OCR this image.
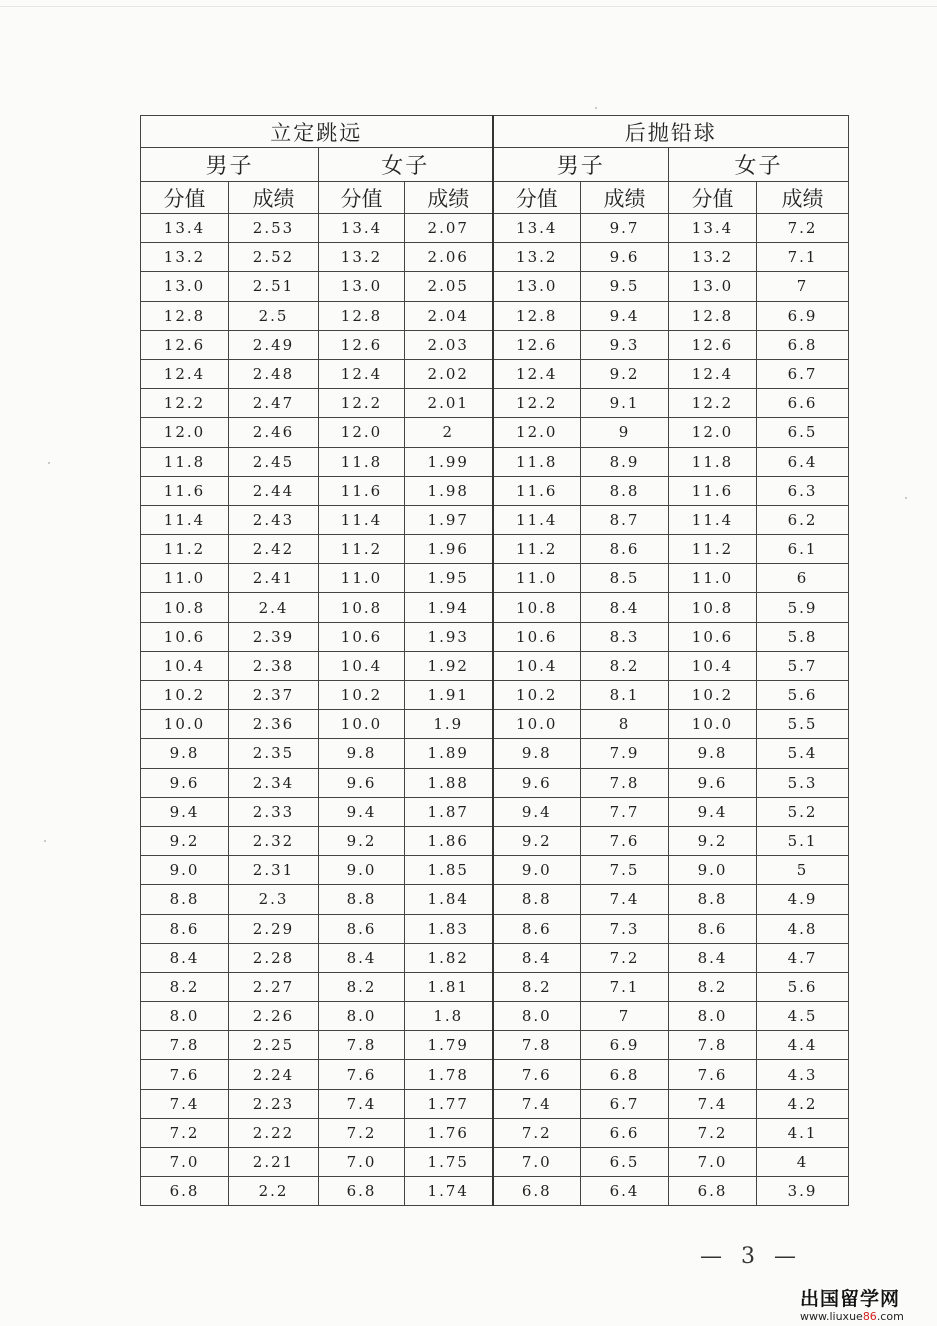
立定跳远				后抛铅球			
男子		女子		男子		女子	
分值	成绩	分值	成绩	分值	成绩	分值	成绩
13.4	2.53	13.4	2.07	13.4	9.7	13.4	7.2
13.2	2.52	13.2	2.06	13.2	9.6	13.2	7.1
13.0	2.51	13.0	2.05	13.0	9.5	13.0	7
12.8	2.5	12.8	2.04	12.8	9.4	12.8	6.9
12.6	2.49	12.6	2.03	12.6	9.3	12.6	6.8
12.4	2.48	12.4	2.02	12.4	9.2	12.4	6.7
12.2	2.47	12.2	2.01	12.2	9.1	12.2	6.6
12.0	2.46	12.0	2	12.0	9	12.0	6.5
11.8	2.45	11.8	1.99	11.8	8.9	11.8	6.4
11.6	2.44	11.6	1.98	11.6	8.8	11.6	6.3
11.4	2.43	11.4	1.97	11.4	8.7	11.4	6.2
11.2	2.42	11.2	1.96	11.2	8.6	11.2	6.1
11.0	2.41	11.0	1.95	11.0	8.5	11.0	6
10.8	2.4	10.8	1.94	10.8	8.4	10.8	5.9
10.6	2.39	10.6	1.93	10.6	8.3	10.6	5.8
10.4	2.38	10.4	1.92	10.4	8.2	10.4	5.7
10.2	2.37	10.2	1.91	10.2	8.1	10.2	5.6
10.0	2.36	10.0	1.9	10.0	8	10.0	5.5
9.8	2.35	9.8	1.89	9.8	7.9	9.8	5.4
9.6	2.34	9.6	1.88	9.6	7.8	9.6	5.3
9.4	2.33	9.4	1.87	9.4	7.7	9.4	5.2
9.2	2.32	9.2	1.86	9.2	7.6	9.2	5.1
9.0	2.31	9.0	1.85	9.0	7.5	9.0	5
8.8	2.3	8.8	1.84	8.8	7.4	8.8	4.9
8.6	2.29	8.6	1.83	8.6	7.3	8.6	4.8
8.4	2.28	8.4	1.82	8.4	7.2	8.4	4.7
8.2	2.27	8.2	1.81	8.2	7.1	8.2	5.6
8.0	2.26	8.0	1.8	8.0	7	8.0	4.5
7.8	2.25	7.8	1.79	7.8	6.9	7.8	4.4
7.6	2.24	7.6	1.78	7.6	6.8	7.6	4.3
7.4	2.23	7.4	1.77	7.4	6.7	7.4	4.2
7.2	2.22	7.2	1.76	7.2	6.6	7.2	4.1
7.0	2.21	7.0	1.75	7.0	6.5	7.0	4
6.8	2.2	6.8	1.74	6.8	6.4	6.8	3.9
— 3 —
出国留学网
www.liuxue86.com
